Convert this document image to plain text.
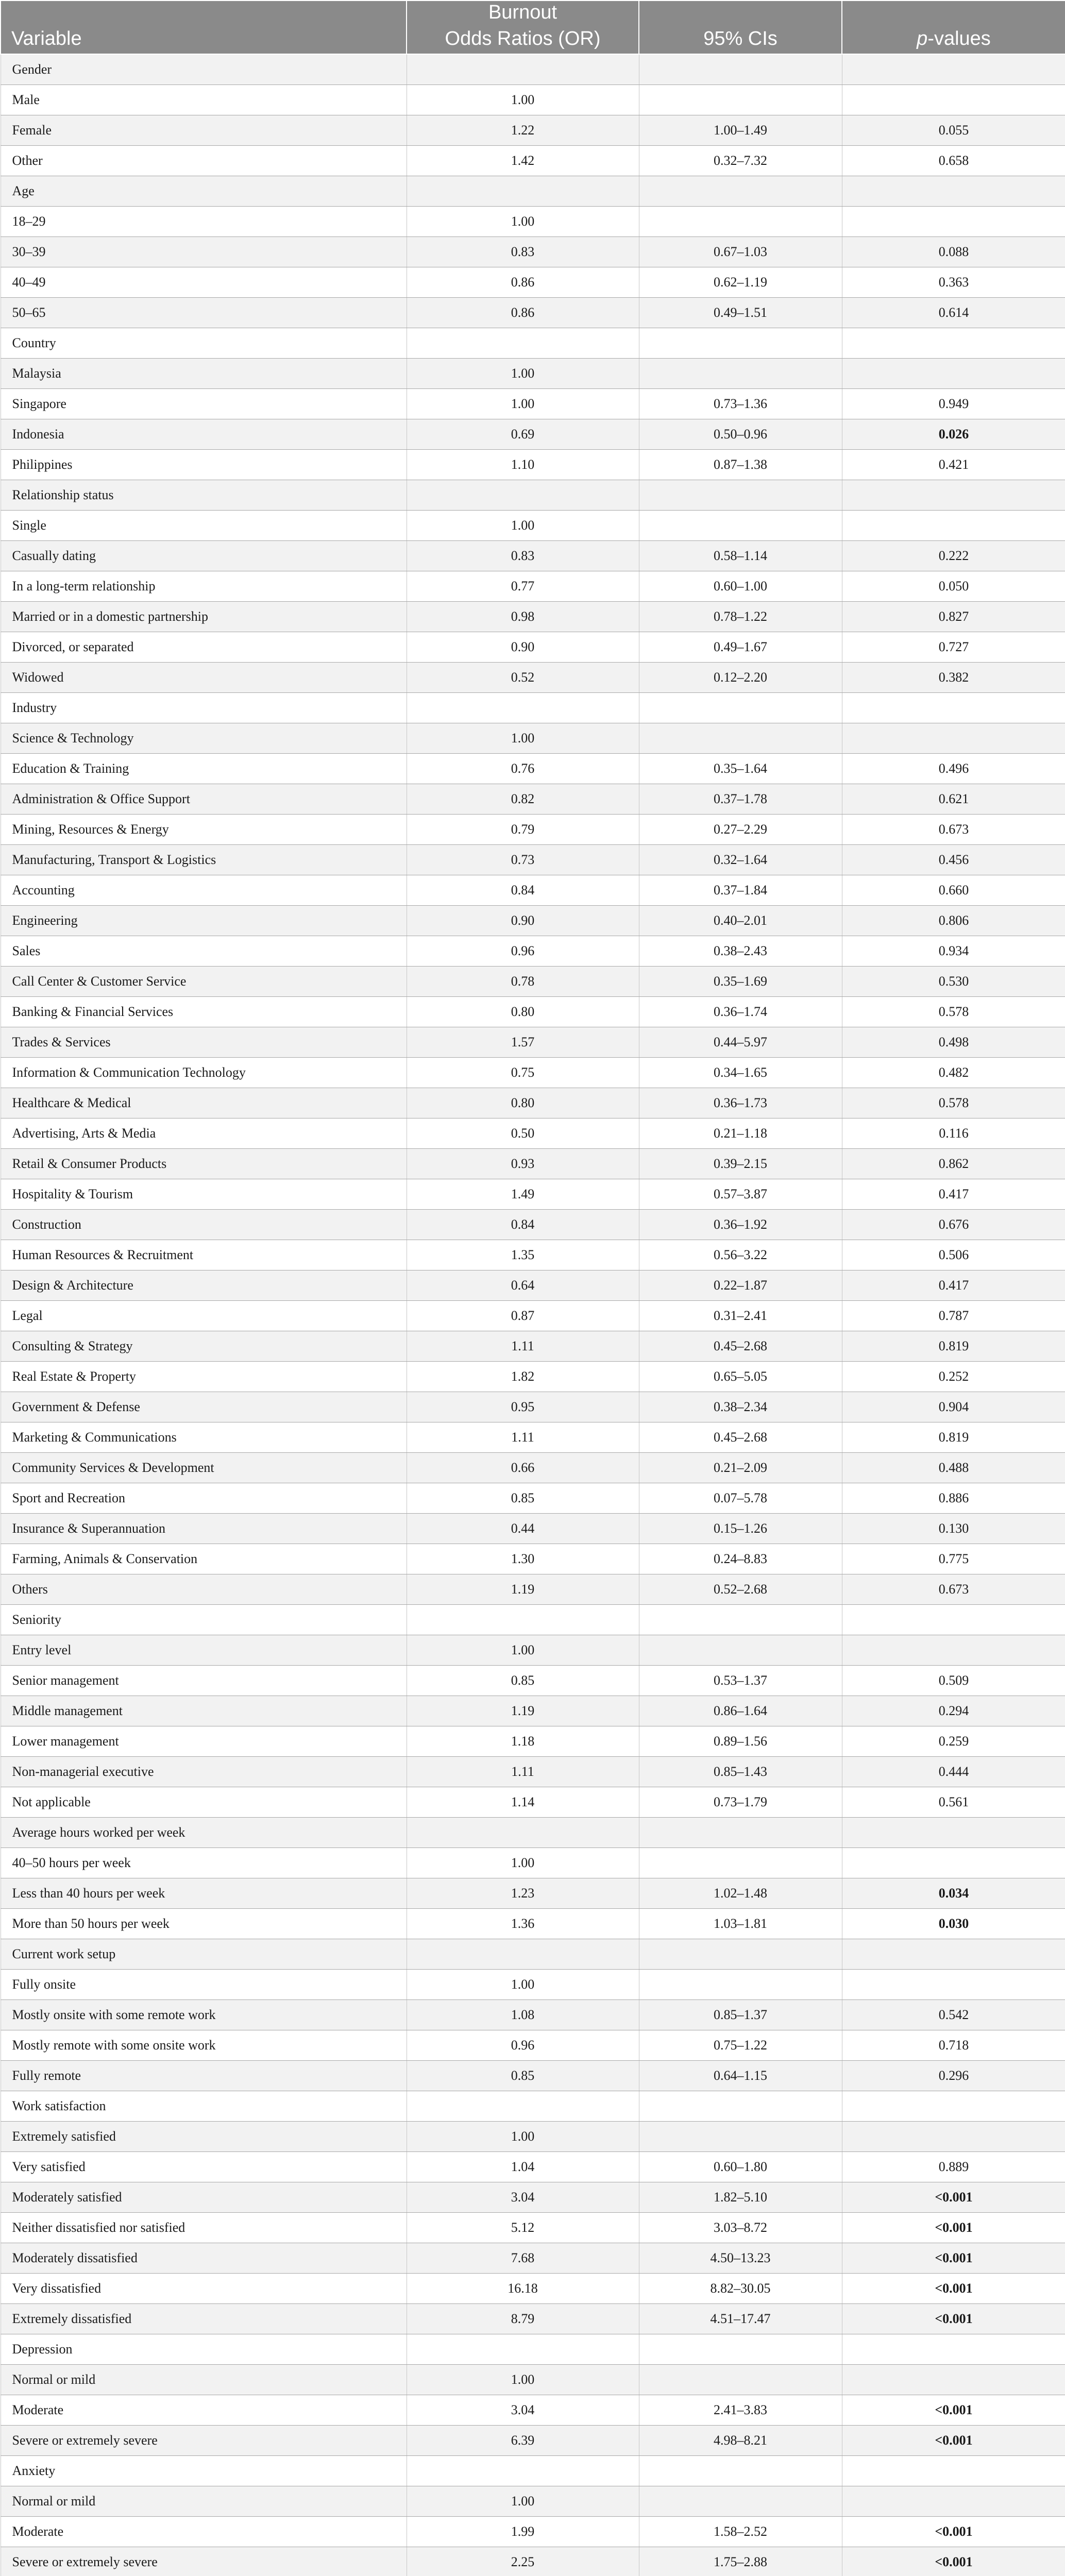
	Burnout		
Variable	Odds Ratios (OR)	95% CIs	p-values
Gender			
Male	1.00		
Female	1.22	1.00–1.49	0.055
Other	1.42	0.32–7.32	0.658
Age			
18–29	1.00		
30–39	0.83	0.67–1.03	0.088
40–49	0.86	0.62–1.19	0.363
50–65	0.86	0.49–1.51	0.614
Country			
Malaysia	1.00		
Singapore	1.00	0.73–1.36	0.949
Indonesia	0.69	0.50–0.96	0.026
Philippines	1.10	0.87–1.38	0.421
Relationship status			
Single	1.00		
Casually dating	0.83	0.58–1.14	0.222
In a long-term relationship	0.77	0.60–1.00	0.050
Married or in a domestic partnership	0.98	0.78–1.22	0.827
Divorced, or separated	0.90	0.49–1.67	0.727
Widowed	0.52	0.12–2.20	0.382
Industry			
Science & Technology	1.00		
Education & Training	0.76	0.35–1.64	0.496
Administration & Office Support	0.82	0.37–1.78	0.621
Mining, Resources & Energy	0.79	0.27–2.29	0.673
Manufacturing, Transport & Logistics	0.73	0.32–1.64	0.456
Accounting	0.84	0.37–1.84	0.660
Engineering	0.90	0.40–2.01	0.806
Sales	0.96	0.38–2.43	0.934
Call Center & Customer Service	0.78	0.35–1.69	0.530
Banking & Financial Services	0.80	0.36–1.74	0.578
Trades & Services	1.57	0.44–5.97	0.498
Information & Communication Technology	0.75	0.34–1.65	0.482
Healthcare & Medical	0.80	0.36–1.73	0.578
Advertising, Arts & Media	0.50	0.21–1.18	0.116
Retail & Consumer Products	0.93	0.39–2.15	0.862
Hospitality & Tourism	1.49	0.57–3.87	0.417
Construction	0.84	0.36–1.92	0.676
Human Resources & Recruitment	1.35	0.56–3.22	0.506
Design & Architecture	0.64	0.22–1.87	0.417
Legal	0.87	0.31–2.41	0.787
Consulting & Strategy	1.11	0.45–2.68	0.819
Real Estate & Property	1.82	0.65–5.05	0.252
Government & Defense	0.95	0.38–2.34	0.904
Marketing & Communications	1.11	0.45–2.68	0.819
Community Services & Development	0.66	0.21–2.09	0.488
Sport and Recreation	0.85	0.07–5.78	0.886
Insurance & Superannuation	0.44	0.15–1.26	0.130
Farming, Animals & Conservation	1.30	0.24–8.83	0.775
Others	1.19	0.52–2.68	0.673
Seniority			
Entry level	1.00		
Senior management	0.85	0.53–1.37	0.509
Middle management	1.19	0.86–1.64	0.294
Lower management	1.18	0.89–1.56	0.259
Non-managerial executive	1.11	0.85–1.43	0.444
Not applicable	1.14	0.73–1.79	0.561
Average hours worked per week			
40–50 hours per week	1.00		
Less than 40 hours per week	1.23	1.02–1.48	0.034
More than 50 hours per week	1.36	1.03–1.81	0.030
Current work setup			
Fully onsite	1.00		
Mostly onsite with some remote work	1.08	0.85–1.37	0.542
Mostly remote with some onsite work	0.96	0.75–1.22	0.718
Fully remote	0.85	0.64–1.15	0.296
Work satisfaction			
Extremely satisfied	1.00		
Very satisfied	1.04	0.60–1.80	0.889
Moderately satisfied	3.04	1.82–5.10	<0.001
Neither dissatisfied nor satisfied	5.12	3.03–8.72	<0.001
Moderately dissatisfied	7.68	4.50–13.23	<0.001
Very dissatisfied	16.18	8.82–30.05	<0.001
Extremely dissatisfied	8.79	4.51–17.47	<0.001
Depression			
Normal or mild	1.00		
Moderate	3.04	2.41–3.83	<0.001
Severe or extremely severe	6.39	4.98–8.21	<0.001
Anxiety			
Normal or mild	1.00		
Moderate	1.99	1.58–2.52	<0.001
Severe or extremely severe	2.25	1.75–2.88	<0.001
